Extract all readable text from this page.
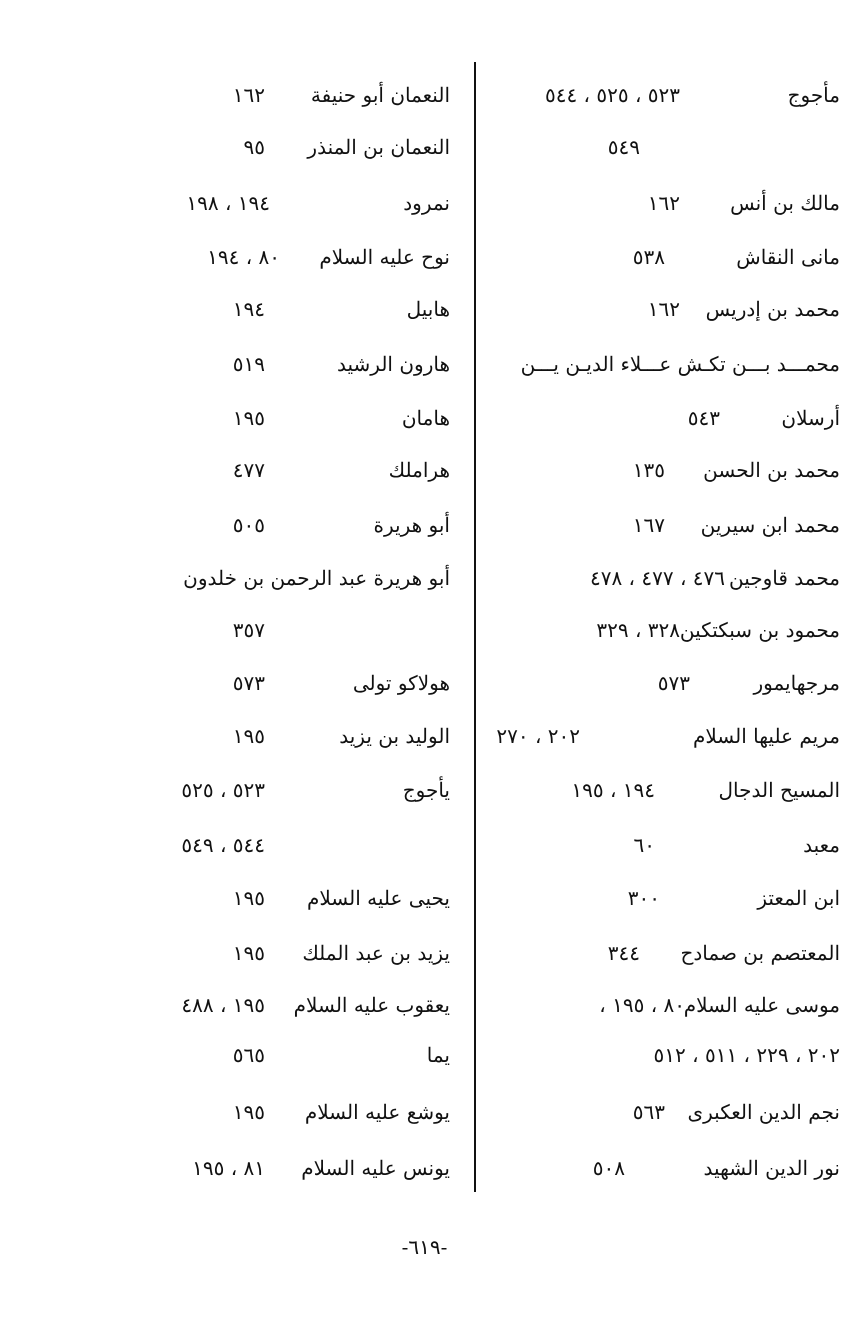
مأجوج
٥٢٣ ، ٥٢٥ ، ٥٤٤
٥٤٩
مالك بن أنس
١٦٢
مانى النقاش
٥٣٨
محمد بن إدريس
١٦٢
محمـــد بـــن تكـش عـــلاء الديـن يـــن
أرسلان
٥٤٣
محمد بن الحسن
١٣٥
محمد ابن سيرين
١٦٧
محمد قاوجين
٤٧٦ ، ٤٧٧ ، ٤٧٨
محمود بن سبكتكين
٣٢٨ ، ٣٢٩
مرجهايمور
٥٧٣
مريم عليها السلام
٢٠٢ ، ٢٧٠
المسيح الدجال
١٩٤ ، ١٩٥
معبد
٦٠
ابن المعتز
٣٠٠
المعتصم بن صمادح
٣٤٤
موسى عليه السلام
٨٠ ، ١٩٥ ،
٢٠٢ ، ٢٢٩ ، ٥١١ ، ٥١٢
نجم الدين العكبرى
٥٦٣
نور الدين الشهيد
٥٠٨
النعمان أبو حنيفة
١٦٢
النعمان بن المنذر
٩٥
نمرود
١٩٤ ، ١٩٨
نوح عليه السلام
٨٠ ، ١٩٤
هابيل
١٩٤
هارون الرشيد
٥١٩
هامان
١٩٥
هراملك
٤٧٧
أبو هريرة
٥٠٥
أبو هريرة عبد الرحمن بن خلدون
٣٥٧
هولاكو تولى
٥٧٣
الوليد بن يزيد
١٩٥
يأجوج
٥٢٣ ، ٥٢٥
٥٤٤ ، ٥٤٩
يحيى عليه السلام
١٩٥
يزيد بن عبد الملك
١٩٥
يعقوب عليه السلام
١٩٥ ، ٤٨٨
يما
٥٦٥
يوشع عليه السلام
١٩٥
يونس عليه السلام
٨١ ، ١٩٥
-٦١٩-
